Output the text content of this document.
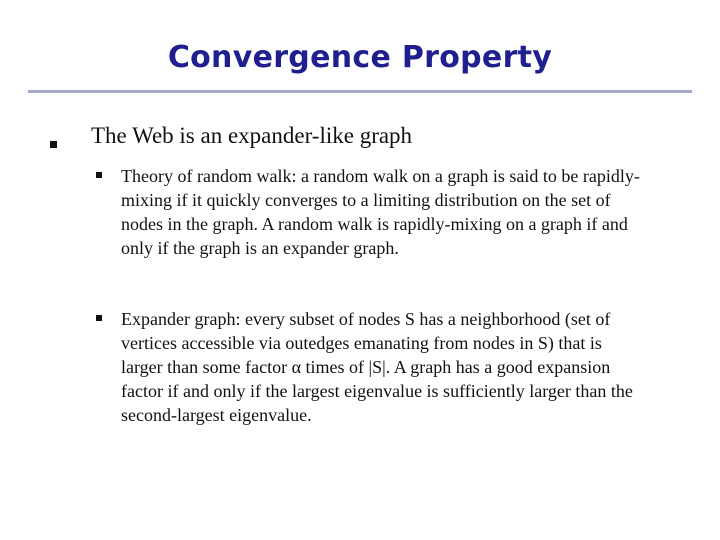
Convergence Property
The Web is an expander-like graph
Theory of random walk: a random walk on a graph is said to be rapidly-mixing if it quickly converges to a limiting distribution on the set of nodes in the graph. A random walk is rapidly-mixing on a graph if and only if the graph is an expander graph.
Expander graph: every subset of nodes S has a neighborhood (set of vertices accessible via outedges emanating from nodes in S) that is larger than some factor α times of |S|. A graph has a good expansion factor if and only if the largest eigenvalue is sufficiently larger than the second-largest eigenvalue.
